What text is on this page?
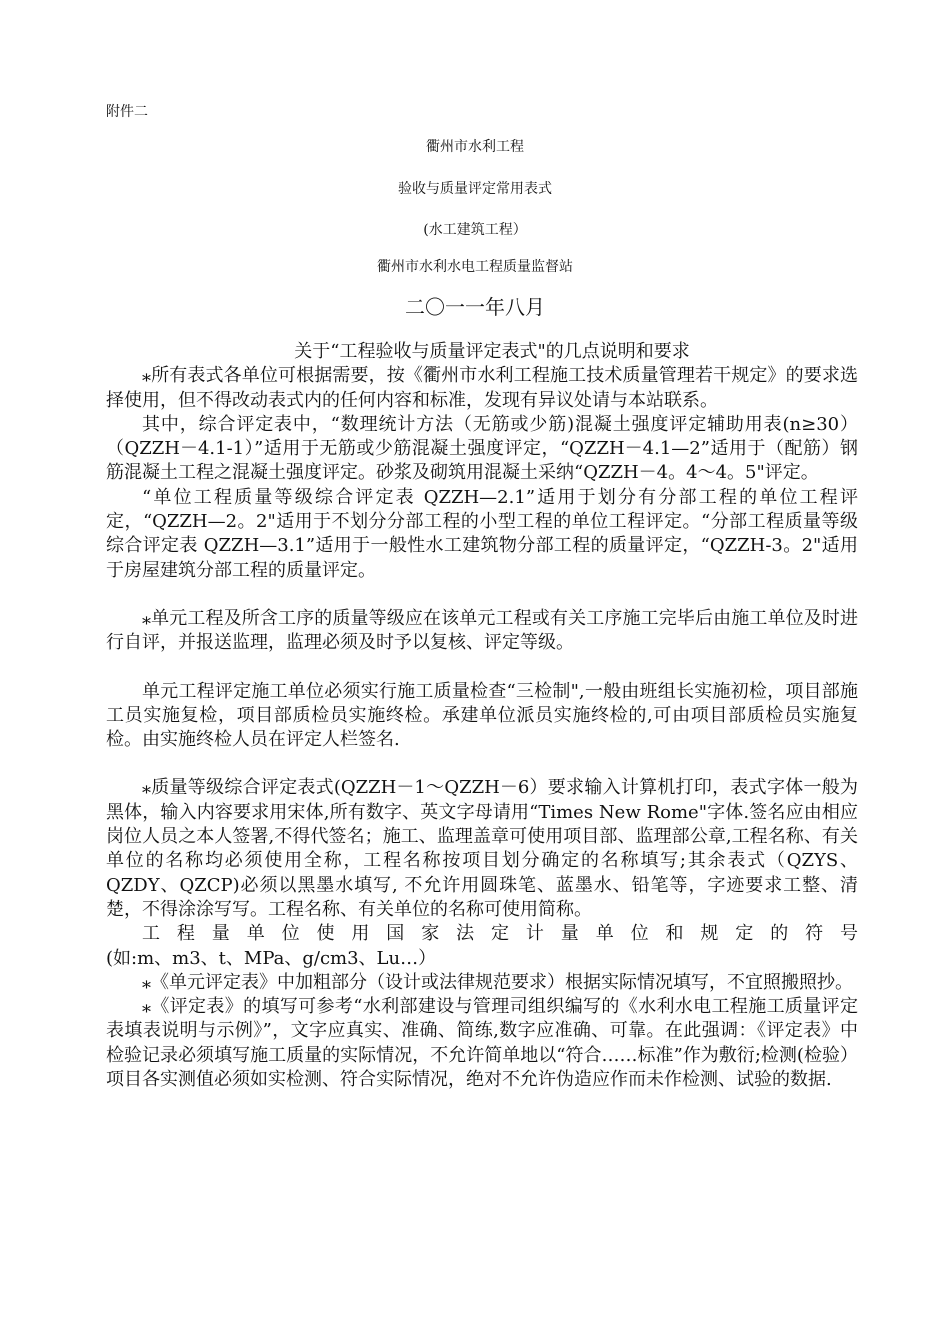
附件二
衢州市水利工程
验收与质量评定常用表式
(水工建筑工程）
衢州市水利水电工程质量监督站
二〇一一年八月

关于“工程验收与质量评定表式"的几点说明和要求

⁎所有表式各单位可根据需要，按《衢州市水利工程施工技术质量管理若干规定》的要求选择使用，但不得改动表式内的任何内容和标准，发现有异议处请与本站联系。

其中，综合评定表中，“数理统计方法（无筋或少筋)混凝土强度评定辅助用表(n≥30） （QZZH－4.1-1）”适用于无筋或少筋混凝土强度评定，“QZZH－4.1—2”适用于（配筋）钢筋混凝土工程之混凝土强度评定。砂浆及砌筑用混凝土采纳“QZZH－4。4～4。5"评定。

“单位工程质量等级综合评定表 QZZH—2.1”适用于划分有分部工程的单位工程评定，“QZZH—2。2"适用于不划分分部工程的小型工程的单位工程评定。“分部工程质量等级综合评定表 QZZH—3.1”适用于一般性水工建筑物分部工程的质量评定，“QZZH-3。2"适用于房屋建筑分部工程的质量评定。

⁎单元工程及所含工序的质量等级应在该单元工程或有关工序施工完毕后由施工单位及时进行自评，并报送监理，监理必须及时予以复核、评定等级。

单元工程评定施工单位必须实行施工质量检查“三检制",一般由班组长实施初检，项目部施工员实施复检，项目部质检员实施终检。承建单位派员实施终检的,可由项目部质检员实施复检。由实施终检人员在评定人栏签名.

⁎质量等级综合评定表式(QZZH－1～QZZH－6）要求输入计算机打印，表式字体一般为黑体，输入内容要求用宋体,所有数字、英文字母请用“Times New Rome"字体.签名应由相应岗位人员之本人签署,不得代签名；施工、监理盖章可使用项目部、监理部公章,工程名称、有关单位的名称均必须使用全称，工程名称按项目划分确定的名称填写;其余表式（QZYS、QZDY、QZCP)必须以黑墨水填写, 不允许用圆珠笔、蓝墨水、铅笔等，字迹要求工整、清楚，不得涂涂写写。工程名称、有关单位的名称可使用简称。

工 程 量 单 位 使 用 国 家 法 定 计 量 单 位 和 规 定 的 符 号

(如:m、m3、t、MPa、g/cm3、Lu…）

⁎《单元评定表》中加粗部分（设计或法律规范要求）根据实际情况填写，不宜照搬照抄。

⁎《评定表》的填写可参考“水利部建设与管理司组织编写的《水利水电工程施工质量评定表填表说明与示例》”，文字应真实、准确、简练,数字应准确、可靠。在此强调：《评定表》中检验记录必须填写施工质量的实际情况，不允许简单地以“符合……标准”作为敷衍;检测(检验）项目各实测值必须如实检测、符合实际情况，绝对不允许伪造应作而未作检测、试验的数据.
